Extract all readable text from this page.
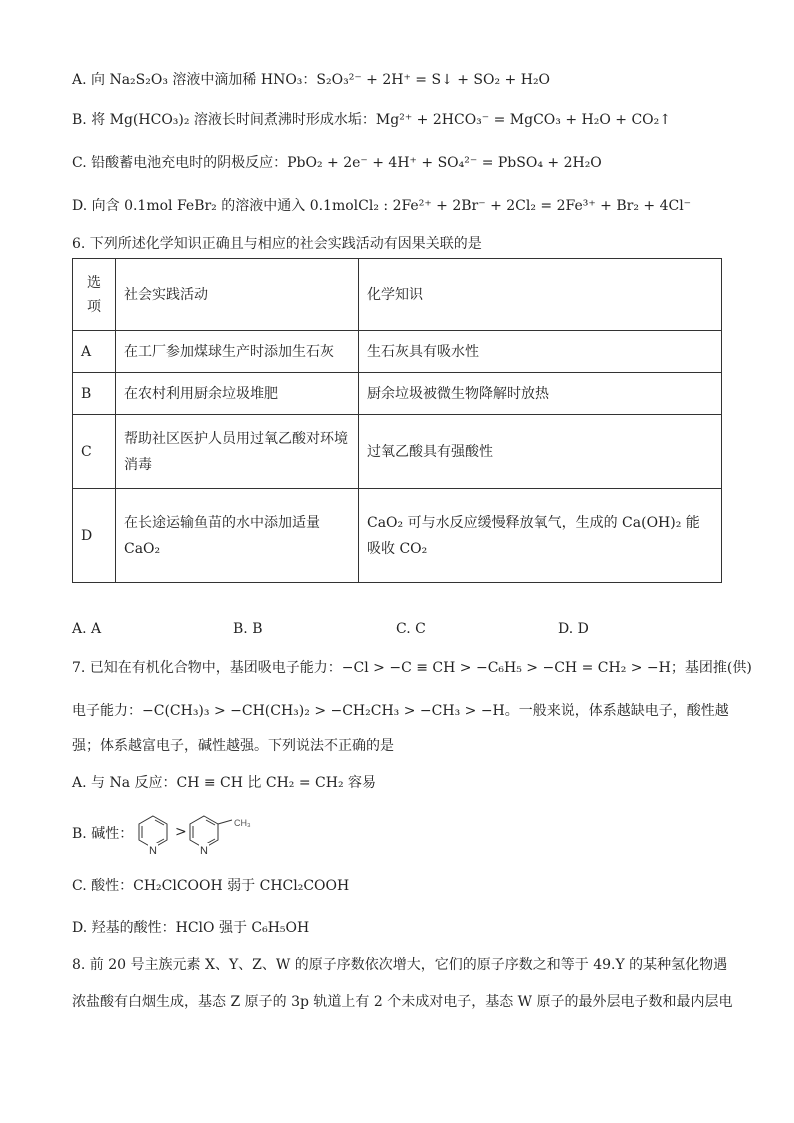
A. 向 Na₂S₂O₃ 溶液中滴加稀 HNO₃：S₂O₃²⁻ + 2H⁺ = S↓ + SO₂ + H₂O
B. 将 Mg(HCO₃)₂ 溶液长时间煮沸时形成水垢：Mg²⁺ + 2HCO₃⁻ = MgCO₃ + H₂O + CO₂↑
C. 铅酸蓄电池充电时的阴极反应：PbO₂ + 2e⁻ + 4H⁺ + SO₄²⁻ = PbSO₄ + 2H₂O
D. 向含 0.1mol FeBr₂ 的溶液中通入 0.1molCl₂ : 2Fe²⁺ + 2Br⁻ + 2Cl₂ = 2Fe³⁺ + Br₂ + 4Cl⁻
6. 下列所述化学知识正确且与相应的社会实践活动有因果关联的是
选项	社会实践活动	化学知识
A	在工厂参加煤球生产时添加生石灰	生石灰具有吸水性
B	在农村利用厨余垃圾堆肥	厨余垃圾被微生物降解时放热
C	帮助社区医护人员用过氧乙酸对环境消毒	过氧乙酸具有强酸性
D	在长途运输鱼苗的水中添加适量 CaO₂	CaO₂ 可与水反应缓慢释放氧气，生成的 Ca(OH)₂ 能吸收 CO₂
A. A	B. B	C. C	D. D
7. 已知在有机化合物中，基团吸电子能力：−Cl > −C ≡ CH > −C₆H₅ > −CH = CH₂ > −H；基团推(供)
电子能力：−C(CH₃)₃ > −CH(CH₃)₂ > −CH₂CH₃ > −CH₃ > −H。一般来说，体系越缺电子，酸性越
强；体系越富电子，碱性越强。下列说法不正确的是
A. 与 Na 反应：CH ≡ CH 比 CH₂ = CH₂ 容易
B. 碱性：
N
>
N
CH₃
C. 酸性：CH₂ClCOOH 弱于 CHCl₂COOH
D. 羟基的酸性：HClO 强于 C₆H₅OH
8. 前 20 号主族元素 X、Y、Z、W 的原子序数依次增大，它们的原子序数之和等于 49.Y 的某种氢化物遇
浓盐酸有白烟生成，基态 Z 原子的 3p 轨道上有 2 个未成对电子，基态 W 原子的最外层电子数和最内层电
